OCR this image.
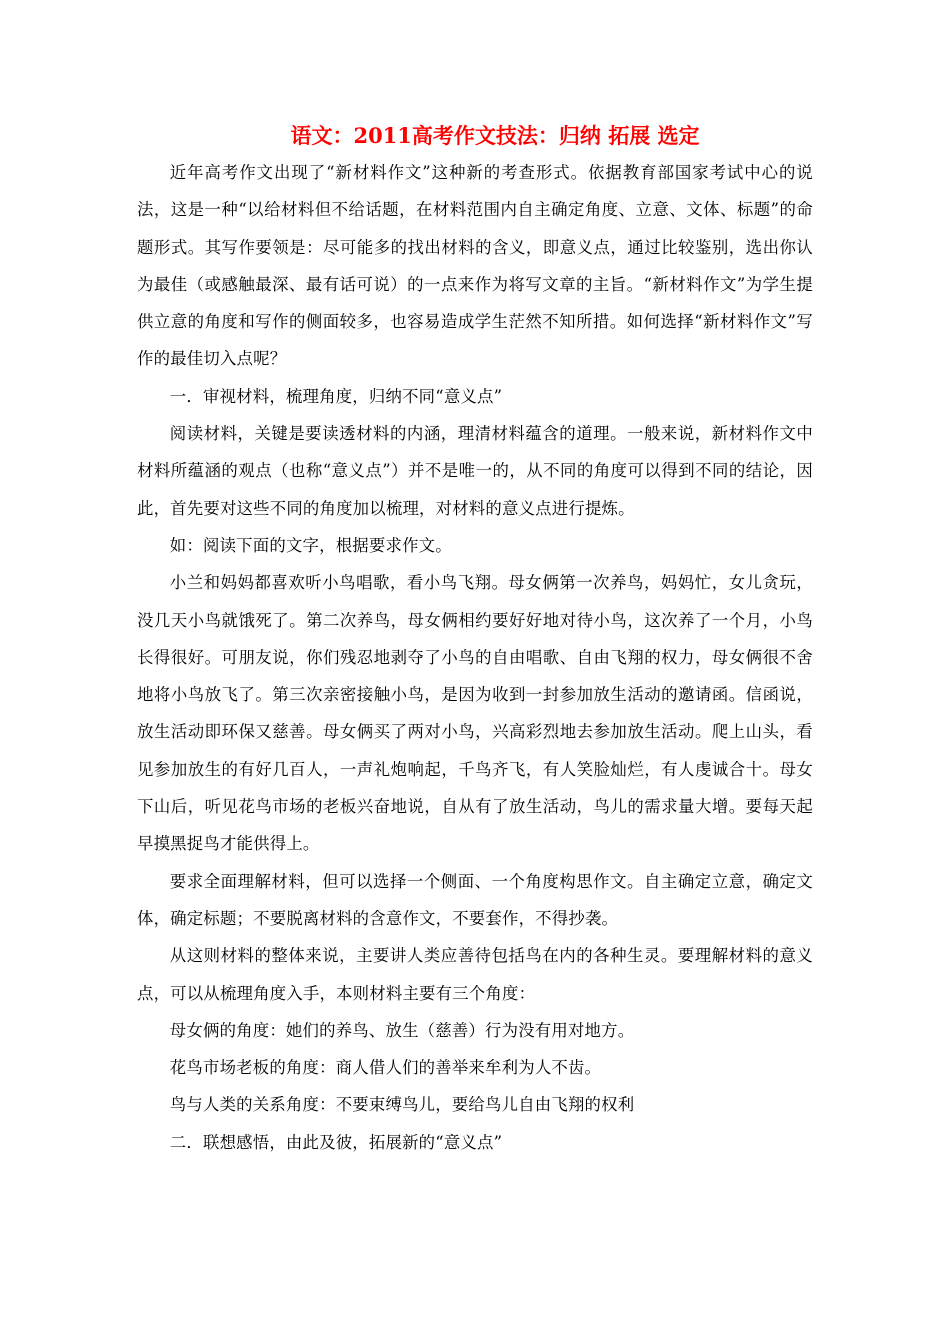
语文：2011高考作文技法：归纳 拓展 选定

近年高考作文出现了“新材料作文”这种新的考查形式。依据教育部国家考试中心的说法，这是一种“以给材料但不给话题，在材料范围内自主确定角度、立意、文体、标题”的命题形式。其写作要领是：尽可能多的找出材料的含义，即意义点，通过比较鉴别，选出你认为最佳（或感触最深、最有话可说）的一点来作为将写文章的主旨。“新材料作文”为学生提供立意的角度和写作的侧面较多，也容易造成学生茫然不知所措。如何选择“新材料作文”写作的最佳切入点呢？

一．审视材料，梳理角度，归纳不同“意义点”

阅读材料，关键是要读透材料的内涵，理清材料蕴含的道理。一般来说，新材料作文中材料所蕴涵的观点（也称“意义点”）并不是唯一的，从不同的角度可以得到不同的结论，因此，首先要对这些不同的角度加以梳理，对材料的意义点进行提炼。

如：阅读下面的文字，根据要求作文。

小兰和妈妈都喜欢听小鸟唱歌，看小鸟飞翔。母女俩第一次养鸟，妈妈忙，女儿贪玩，没几天小鸟就饿死了。第二次养鸟，母女俩相约要好好地对待小鸟，这次养了一个月，小鸟长得很好。可朋友说，你们残忍地剥夺了小鸟的自由唱歌、自由飞翔的权力，母女俩很不舍地将小鸟放飞了。第三次亲密接触小鸟，是因为收到一封参加放生活动的邀请函。信函说，放生活动即环保又慈善。母女俩买了两对小鸟，兴高彩烈地去参加放生活动。爬上山头，看见参加放生的有好几百人，一声礼炮响起，千鸟齐飞，有人笑脸灿烂，有人虔诚合十。母女下山后，听见花鸟市场的老板兴奋地说，自从有了放生活动，鸟儿的需求量大增。要每天起早摸黑捉鸟才能供得上。

要求全面理解材料，但可以选择一个侧面、一个角度构思作文。自主确定立意，确定文体，确定标题；不要脱离材料的含意作文，不要套作，不得抄袭。

从这则材料的整体来说，主要讲人类应善待包括鸟在内的各种生灵。要理解材料的意义点，可以从梳理角度入手，本则材料主要有三个角度：

母女俩的角度：她们的养鸟、放生（慈善）行为没有用对地方。

花鸟市场老板的角度：商人借人们的善举来牟利为人不齿。

鸟与人类的关系角度：不要束缚鸟儿，要给鸟儿自由飞翔的权利

二．联想感悟，由此及彼，拓展新的“意义点”
